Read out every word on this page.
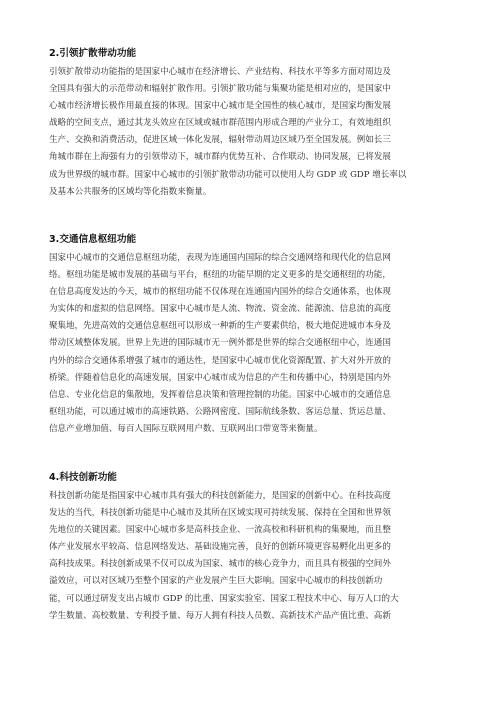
2.引领扩散带动功能
引领扩散带动功能指的是国家中心城市在经济增长、产业结构、科技水平等多方面对周边及
全国具有强大的示范带动和辐射扩散作用。引领扩散功能与集聚功能是相对应的，是国家中
心城市经济增长极作用最直接的体现。国家中心城市是全国性的核心城市，是国家均衡发展
战略的空间支点，通过其龙头效应在区域或城市群范围内形成合理的产业分工，有效地组织
生产、交换和消费活动，促进区域一体化发展，辐射带动周边区域乃至全国发展。例如长三
角城市群在上海强有力的引领带动下，城市群内优势互补、合作联动、协同发展，已将发展
成为世界级的城市群。国家中心城市的引领扩散带动功能可以使用人均 GDP 或 GDP 增长率以
及基本公共服务的区域均等化指数来衡量。
3.交通信息枢纽功能
国家中心城市的交通信息枢纽功能，表现为连通国内国际的综合交通网络和现代化的信息网
络。枢纽功能是城市发展的基础与平台，枢纽的功能早期的定义更多的是交通枢纽的功能，
在信息高度发达的今天，城市的枢纽功能不仅体现在连通国内国外的综合交通体系，也体现
为实体的和虚拟的信息网络。国家中心城市是人流、物流、资金流、能源流、信息流的高度
聚集地，先进高效的交通信息枢纽可以形成一种新的生产要素供给，极大地促进城市本身及
带动区域整体发展。世界上先进的国际城市无一例外都是世界的综合交通枢纽中心，连通国
内外的综合交通体系增强了城市的通达性，是国家中心城市优化资源配置、扩大对外开放的
桥梁。伴随着信息化的高速发展，国家中心城市成为信息的产生和传播中心，特别是国内外
信息、专业化信息的集散地，发挥着信息决策和管理控制的功能。国家中心城市的交通信息
枢纽功能，可以通过城市的高速铁路、公路网密度、国际航线条数、客运总量、货运总量、
信息产业增加值、每百人国际互联网用户数、互联网出口带宽等来衡量。
4.科技创新功能
科技创新功能是指国家中心城市具有强大的科技创新能力，是国家的创新中心。在科技高度
发达的当代，科技创新功能是中心城市及其所在区域实现可持续发展、保持在全国和世界领
先地位的关键因素。国家中心城市多是高科技企业、一流高校和科研机构的集聚地，而且整
体产业发展水平较高、信息网络发达、基础设施完善，良好的创新环境更容易孵化出更多的
高科技成果。科技创新成果不仅可以成为国家、城市的核心竞争力，而且具有极强的空间外
溢效应，可以对区域乃至整个国家的产业发展产生巨大影响。国家中心城市的科技创新功
能，可以通过研发支出占城市 GDP 的比重、国家实验室、国家工程技术中心、每万人口的大
学生数量、高校数量、专利授予量、每万人拥有科技人员数、高新技术产品产值比重、高新
